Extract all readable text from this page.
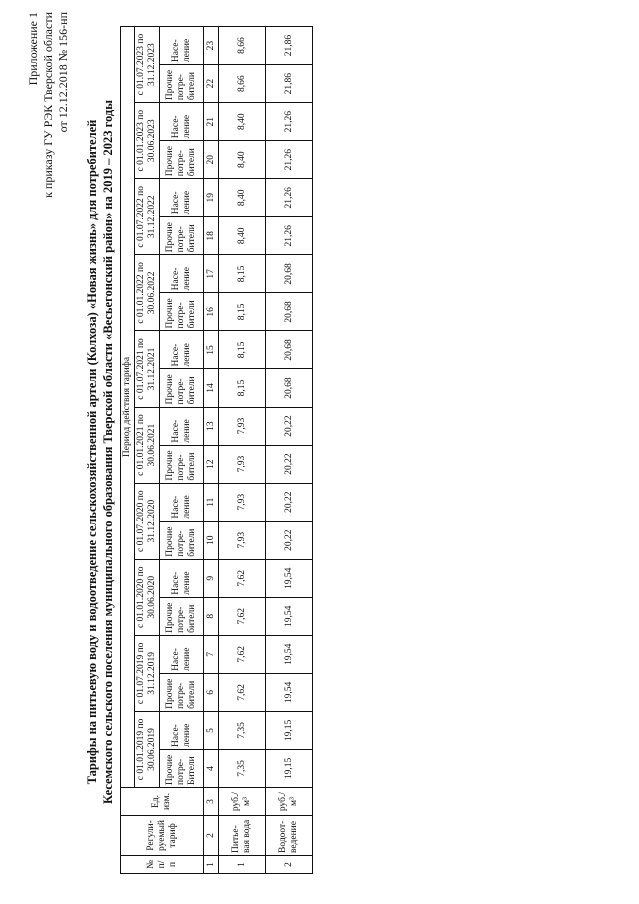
Приложение 1 к приказу ГУ РЭК Тверской области от 12.12.2018 № 156-нп
Тарифы на питьевую воду и водоотведение сельскохозяйственной артели (Колхоза) «Новая жизнь» для потребителей Кесемского сельского поселения муниципального образования Тверской области «Весьегонский район» на 2019 – 2023 годы
№ п/ п	Регули-руемый тариф	Ед. изм.	Период действия тарифа																			
			с 01.01.2019 по 30.06.2019		с 01.07.2019 по 31.12.2019		с 01.01.2020 по 30.06.2020		с 01.07.2020 по 31.12.2020		с 01.01.2021 по 30.06.2021		с 01.07.2021 по 31.12.2021		с 01.01.2022 по 30.06.2022		с 01.07.2022 по 31.12.2022		с 01.01.2023 по 30.06.2023		с 01.07.2023 по 31.12.2023	
			Прочие потре-Бители	Насе-ление	Прочие потре-бители	Насе-ление	Прочие потре-бители	Насе-ление	Прочие потре-бители	Насе-ление	Прочие потре-бители	Насе-ление	Прочие потре-бители	Насе-ление	Прочие потре-бители	Насе-ление	Прочие потре-бители	Насе-ление	Прочие потре-бители	Насе-ление	Прочие потре-бители	Насе-ление
1	2	3	4	5	6	7	8	9	10	11	12	13	14	15	16	17	18	19	20	21	22	23
1	Питье-вая вода	руб./м³	7,35	7,35	7,62	7,62	7,62	7,62	7,93	7,93	7,93	7,93	8,15	8,15	8,15	8,15	8,40	8,40	8,40	8,40	8,66	8,66
2	Водоот-ведение	руб./м³	19,15	19,15	19,54	19,54	19,54	19,54	20,22	20,22	20,22	20,22	20,68	20,68	20,68	20,68	21,26	21,26	21,26	21,26	21,86	21,86
